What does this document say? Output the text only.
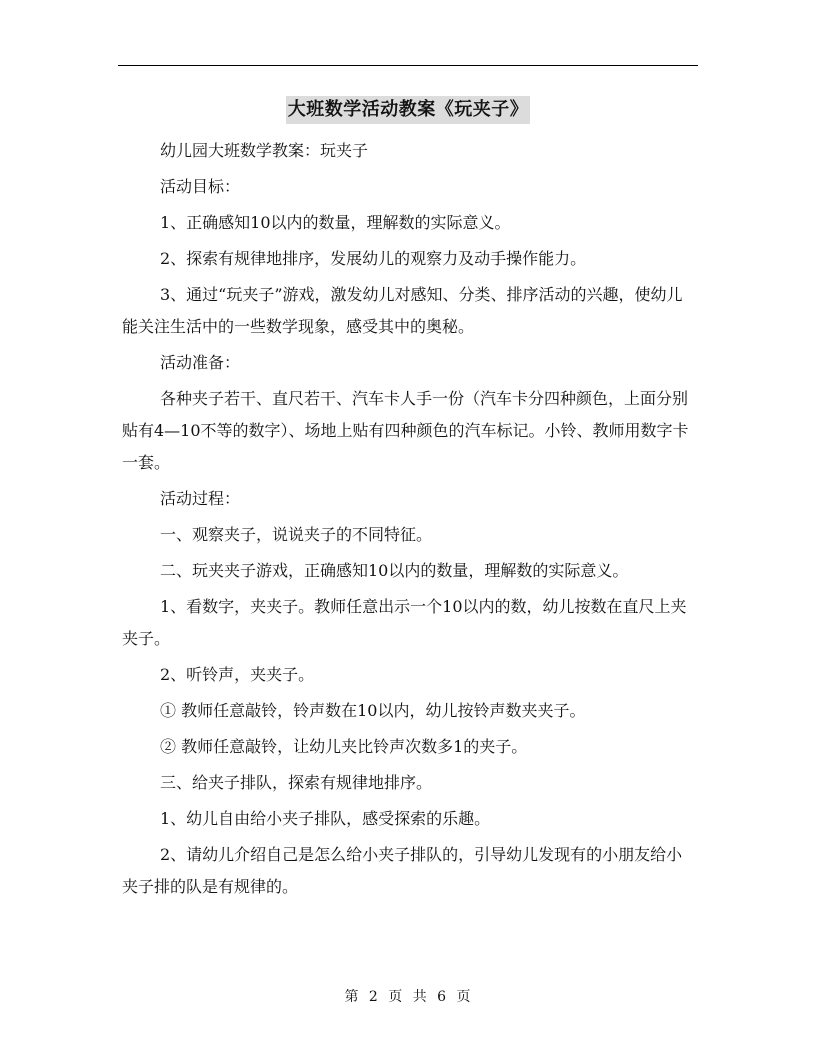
大班数学活动教案《玩夹子》

幼儿园大班数学教案：玩夹子

活动目标：

1、正确感知10以内的数量，理解数的实际意义。

2、探索有规律地排序，发展幼儿的观察力及动手操作能力。

3、通过“玩夹子”游戏，激发幼儿对感知、分类、排序活动的兴趣，使幼儿能关注生活中的一些数学现象，感受其中的奥秘。

活动准备：

各种夹子若干、直尺若干、汽车卡人手一份（汽车卡分四种颜色，上面分别贴有4—10不等的数字）、场地上贴有四种颜色的汽车标记。小铃、教师用数字卡一套。

活动过程：

一、观察夹子，说说夹子的不同特征。

二、玩夹夹子游戏，正确感知10以内的数量，理解数的实际意义。

1、看数字，夹夹子。教师任意出示一个10以内的数，幼儿按数在直尺上夹夹子。

2、听铃声，夹夹子。

① 教师任意敲铃，铃声数在10以内，幼儿按铃声数夹夹子。

② 教师任意敲铃，让幼儿夹比铃声次数多1的夹子。

三、给夹子排队，探索有规律地排序。

1、幼儿自由给小夹子排队，感受探索的乐趣。

2、请幼儿介绍自己是怎么给小夹子排队的，引导幼儿发现有的小朋友给小夹子排的队是有规律的。

第 2 页 共 6 页
